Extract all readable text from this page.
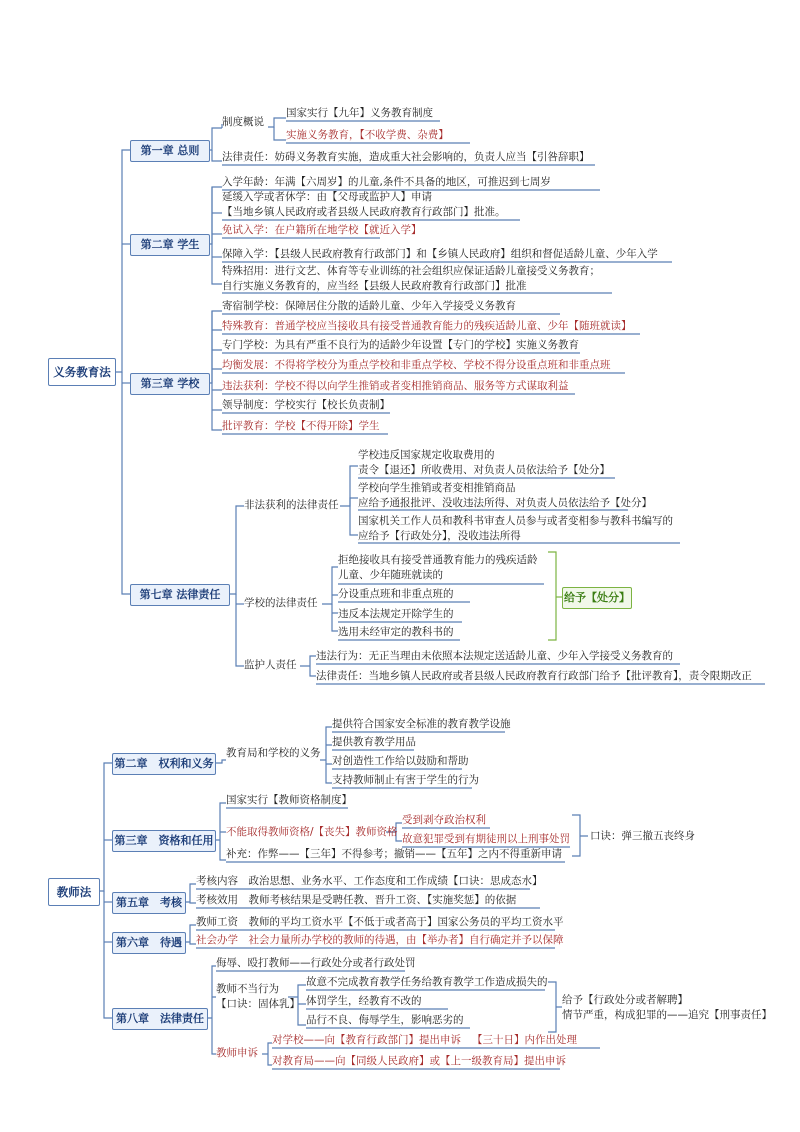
义务教育法
第一章 总则
制度概说
国家实行【九年】义务教育制度
实施义务教育，【不收学费、杂费】
法律责任：妨碍义务教育实施，造成重大社会影响的，负责人应当【引咎辞职】
第二章 学生
入学年龄：年满【六周岁】的儿童,条件不具备的地区，可推迟到七周岁
延缓入学或者休学：由【父母或监护人】申请
【当地乡镇人民政府或者县级人民政府教育行政部门】批准。
免试入学：在户籍所在地学校【就近入学】
保障入学：【县级人民政府教育行政部门】和【乡镇人民政府】组织和督促适龄儿童、少年入学
特殊招用：进行文艺、体育等专业训练的社会组织应保证适龄儿童接受义务教育；
自行实施义务教育的，应当经【县级人民政府教育行政部门】批准
第三章 学校
寄宿制学校：保障居住分散的适龄儿童、少年入学接受义务教育
特殊教育：普通学校应当接收具有接受普通教育能力的残疾适龄儿童、少年【随班就读】
专门学校：为具有严重不良行为的适龄少年设置【专门的学校】实施义务教育
均衡发展：不得将学校分为重点学校和非重点学校、学校不得分设重点班和非重点班
违法获利：学校不得以向学生推销或者变相推销商品、服务等方式谋取利益
领导制度：学校实行【校长负责制】
批评教育：学校【不得开除】学生
第七章 法律责任
非法获利的法律责任
学校违反国家规定收取费用的
责令【退还】所收费用、对负责人员依法给予【处分】
学校向学生推销或者变相推销商品
应给予通报批评、没收违法所得、对负责人员依法给予【处分】
国家机关工作人员和教科书审查人员参与或者变相参与教科书编写的
应给予【行政处分】，没收违法所得
学校的法律责任
拒绝接收具有接受普通教育能力的残疾适龄
儿童、少年随班就读的
分设重点班和非重点班的
违反本法规定开除学生的
选用未经审定的教科书的
给予【处分】
监护人责任
违法行为：无正当理由未依照本法规定送适龄儿童、少年入学接受义务教育的
法律责任：当地乡镇人民政府或者县级人民政府教育行政部门给予【批评教育】，责令限期改正
教师法
第二章　权利和义务
教育局和学校的义务
提供符合国家安全标准的教育教学设施
提供教育教学用品
对创造性工作给以鼓励和帮助
支持教师制止有害于学生的行为
第三章　资格和任用
国家实行【教师资格制度】
不能取得教师资格/【丧失】教师资格
受到剥夺政治权利
故意犯罪受到有期徒刑以上刑事处罚 口诀：弹三撤五丧终身
补充：作弊——【三年】不得参考；撤销——【五年】之内不得重新申请
第五章　考核
考核内容　政治思想、业务水平、工作态度和工作成绩【口诀：思成态水】
考核效用　教师考核结果是受聘任教、晋升工资、【实施奖惩】的依据
第六章　待遇
教师工资　教师的平均工资水平【不低于或者高于】国家公务员的平均工资水平
社会办学　社会力量所办学校的教师的待遇，由【举办者】自行确定并予以保障
第八章　法律责任
侮辱、殴打教师——行政处分或者行政处罚
教师不当行为
【口诀：固体乳】
故意不完成教育教学任务给教育教学工作造成损失的
体罚学生，经教育不改的
品行不良、侮辱学生，影响恶劣的
给予【行政处分或者解聘】
情节严重，构成犯罪的——追究【刑事责任】
教师申诉
对学校——向【教育行政部门】提出申诉 【三十日】内作出处理
对教育局——向【同级人民政府】或【上一级教育局】提出申诉
